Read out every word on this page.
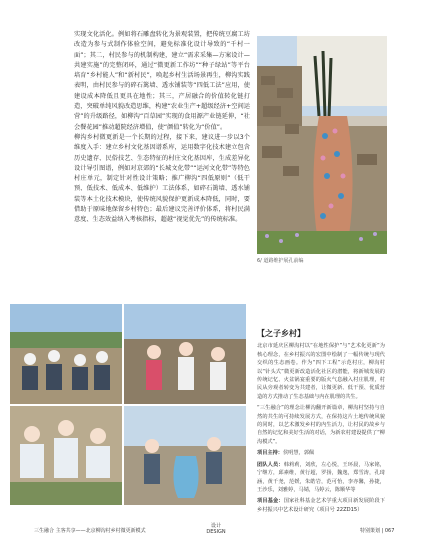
实现文化活化。例如将石雕盘转化为景观装置，把传统豆腐工坊改造为参与式制作体验空间，避免标准化设计导致的“千村一面”；其二，村民参与的机制构建，建立“需求采集—方案设计—共建实施”的完整闭环，通过“微更新工作坊”“种子绿站”等平台培育“乡村能人”和“新村民”，唤起乡村生活场景再生，柳沟实践表明，由村民参与的碎石篱墙、透水铺装等“四低工法”应用，使建设成本降低且更具在地性；其三，产居融合的价值转化链打造，突破单纯风貌改造思维，构建“农业生产+超级经济+空间运营”的升级路径，如柳沟“百草园”实现的食用源产业链延伸，“社会餐花园”推动超院经济增值，使“颜值”转化为“价值”。

柳沟乡村微更新是一个长期的过程，接下来，建议进一步以3个维度入手：建立乡村文化基因谱系库，运用数字化技术建立包含历史遗存、民俗技艺、生态特征的村庄文化基因库，生成差异化设计导引图谱，例如对京郊的“长城文化带”“运河文化带”等特色村庄单元，制定针对性设计策略；推广柳沟“四低原则”（低干预、低技术、低成本、低维护）工法体系，如碎石篱墙、透水铺装等本土化技术模块，使传统风貌保护更新成本降低，同时，要借助于原味地保留乡村特色；最后建议完善评价体系，将村民满意度、生态效益纳入考核指标，超越“视觉优先”的传统标准。

6/ 道路维护展孔前编
【之子乡村】

北京市延庆区柳沟村以“在地性保护”与“艺术化更新”为核心理念，在乡村振兴的宏图中绘制了一幅传统与现代交织的生态画卷。作为“四下工程”示范村庄，柳沟村以“针头式”微更新改造活化社区的潜能，将新城发展的传统记忆、火盆锅宴重要的版火气息融入村庄肌理，村民从旁观者转变为共建者，让微更新、低干预、优质营造的方式推动了生态基础与内在肌理的共生。

“三生融合”的理念让柳沟翻开新篇章，柳沟村坚持与自然的共生的可持续发展方式，在保持这片土地传统风貌的同时，以艺术激发乡村的内生活力，让村民的故乡与自然的记忆和美好生活的对话，为新农村建设提供了“柳沟模式”。

项目主持：侯明慧，郭佩

团队人员：韩莉莉，刘欣，左心悦，王环晨，马家铭，宁继方，邱素维，黄行超，罗扬，魏逸，郑雪涛，孔琦涵，黄千尧，范媛，朱皓岩，范可怡，李亦馨，孙捷，王沙乐，刘雅婷，马婧，马婷云，陈顺华等

项目基金：国家社科基金艺术学重大项目新发展阶段下乡村振兴中艺术设计研究（项目号 22ZD15）

三生融合 主客共享——北京柳沟村乡村微更新模式
设计
DESIGN	特别策划 | 067
